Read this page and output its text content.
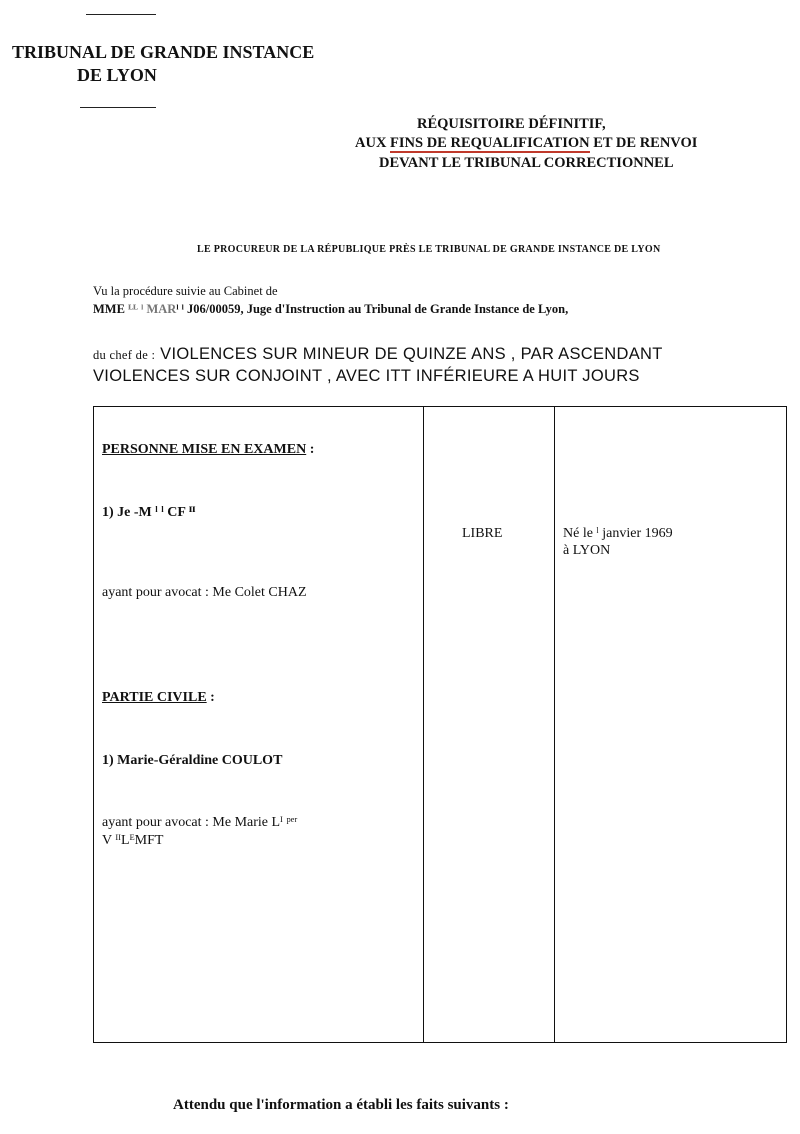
TRIBUNAL DE GRANDE INSTANCE
DE LYON
RÉQUISITOIRE DÉFINITIF,
AUX FINS DE REQUALIFICATION ET DE RENVOI
DEVANT LE TRIBUNAL CORRECTIONNEL
LE PROCUREUR DE LA RÉPUBLIQUE PRÈS LE TRIBUNAL DE GRANDE INSTANCE DE LYON
Vu la procédure suivie au Cabinet de
MME ᴸᴸ ˡ MARˡ ˡ J06/00059, Juge d'Instruction au Tribunal de Grande Instance de Lyon,
du chef de : VIOLENCES SUR MINEUR DE QUINZE ANS , PAR ASCENDANT
VIOLENCES SUR CONJOINT , AVEC ITT INFÉRIEURE A HUIT JOURS
PERSONNE MISE EN EXAMEN :
1) Je -M ˡ ˡ CF ᴵᴵ
ayant pour avocat : Me Colet CHAZ
PARTIE CIVILE :
1) Marie-Géraldine COULOT
ayant pour avocat : Me Marie Lᴵ ᵖᵉʳ
V ᴵᴵLᴱMFT

LIBRE	Né le ˡ janvier 1969
à LYON
Attendu que l'information a établi les faits suivants :
